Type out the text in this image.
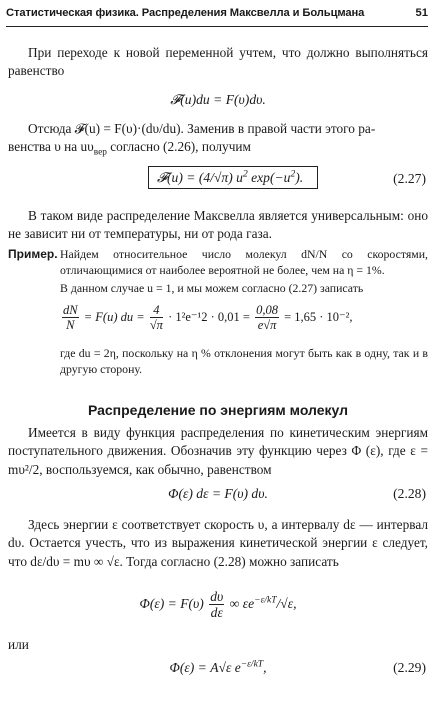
Статистическая физика. Распределения Максвелла и Больцмана	51
При переходе к новой переменной учтем, что должно выполняться равенство
𝓕(u)du = F(υ)dυ.
Отсюда 𝓕(u) = F(υ)·(dυ/du). Заменив в правой части этого ра-
венства υ на $u\upsilon_{вер}$ согласно (2.26), получим
𝓕(u) = (4/√π) $u^2$ $\exp(-u^2)$.	(2.27)
В таком виде распределение Максвелла является универсальным: оно не зависит ни от температуры, ни от рода газа.
Пример. Найдем относительное число молекул dN/N со скоростями, отличающимися от наиболее вероятной не более, чем на η = 1%.
В данном случае u = 1, и мы можем согласно (2.27) записать
$\frac{dN}{N} = F(u)$ du = $\frac{4}{√\pi} \cdot 1^2e^{-1}2 \cdot 0,01 = \frac{0,08}{e√\pi} = 1,65 \cdot 10^{-2}$,
где du = 2η, поскольку на η % отклонения могут быть как в одну, так и в другую сторону.
Распределение по энергиям молекул
Имеется в виду функция распределения по кинетическим энергиям поступательного движения. Обозначив эту функцию через Φ (ε), где ε = mυ²/2, воспользуемся, как обычно, равенством
Φ(ε) dε = F(υ) dυ.	(2.28)
Здесь энергии ε соответствует скорость υ, а интервалу dε — интервал dυ. Остается учесть, что из выражения кинетической энергии ε следует, что dε/dυ = mυ ∞ √ε. Тогда согласно (2.28) можно записать
$\Phi(\varepsilon) = F(\upsilon) \frac{d\upsilon}{d\varepsilon}$ ∞ $\varepsilon e^{-\varepsilon/kT}/√\varepsilon$,
или
Φ(ε) = A√ε $e^{-\varepsilon/kT}$,	(2.29)
